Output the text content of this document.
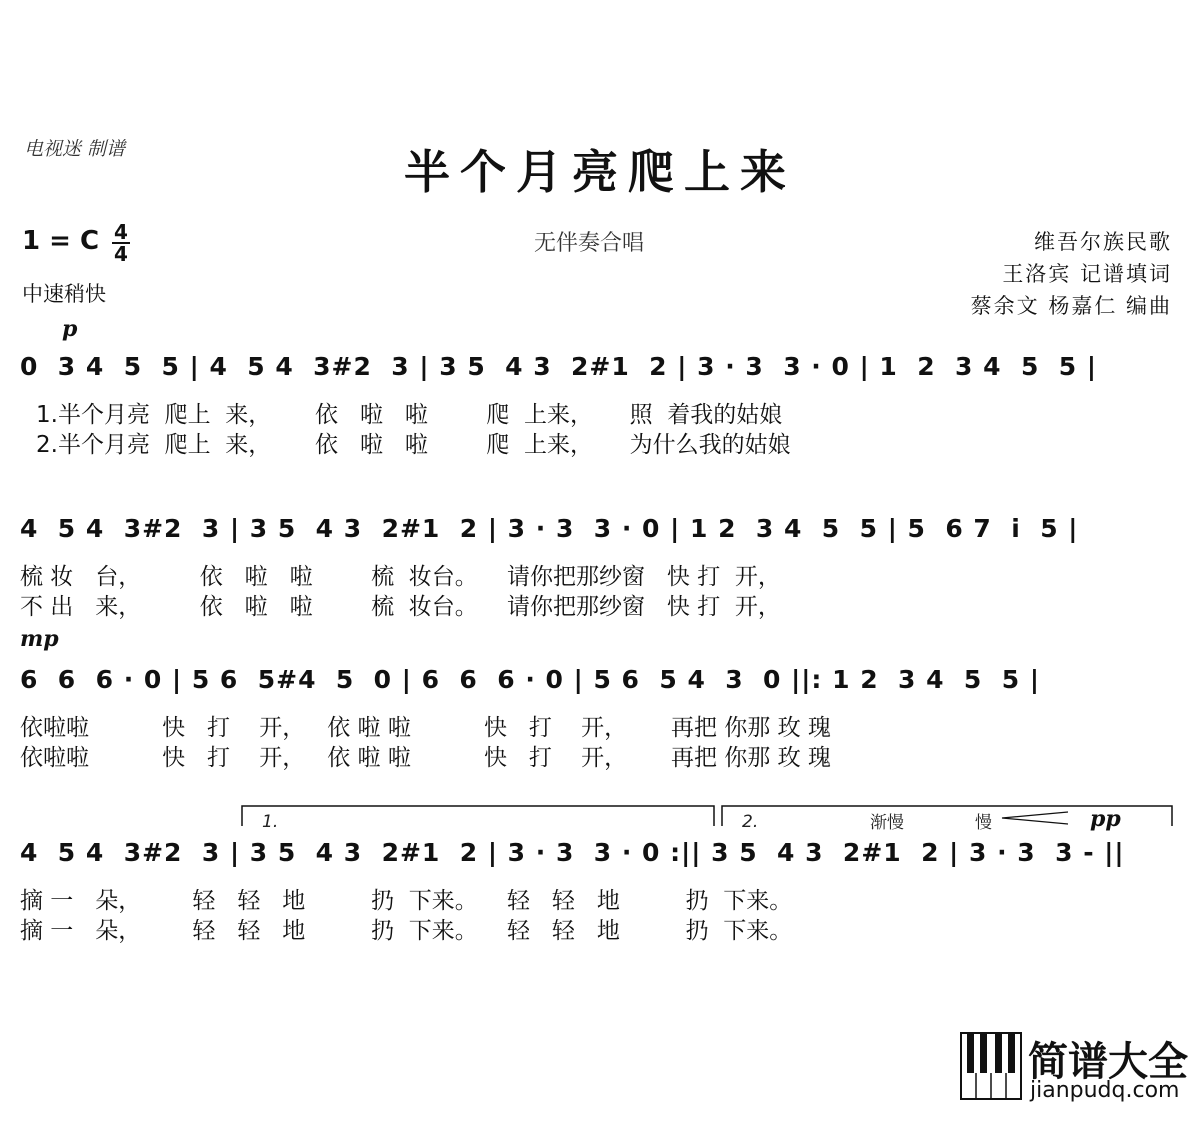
电视迷 制谱	半个月亮爬上来
1 = C 4
4
中速稍快
无伴奏合唱	维吾尔族民歌
王洛宾 记谱填词
蔡余文 杨嘉仁 编曲
p
mp
pp
渐慢	慢
1.	2.
0  3 4  5  5 | 4  5 4  3#2  3 | 3 5  4 3  2#1  2 | 3 · 3  3 · 0 | 1  2  3 4  5  5 |
1.半个月亮  爬上  来，      依   啦   啦        爬  上来，     照  着我的姑娘
2.半个月亮  爬上  来，      依   啦   啦        爬  上来，     为什么我的姑娘
4  5 4  3#2  3 | 3 5  4 3  2#1  2 | 3 · 3  3 · 0 | 1 2  3 4  5  5 | 5  6 7  i  5 |
梳 妆   台，        依   啦   啦        梳  妆台。    请你把那纱窗   快 打  开，
不 出   来，        依   啦   啦        梳  妆台。    请你把那纱窗   快 打  开，
6  6  6 · 0 | 5 6  5#4  5  0 | 6  6  6 · 0 | 5 6  5 4  3  0 ||: 1 2  3 4  5  5 |
依啦啦          快   打    开，   依 啦 啦          快   打    开，      再把 你那 玫 瑰
依啦啦          快   打    开，   依 啦 啦          快   打    开，      再把 你那 玫 瑰
4  5 4  3#2  3 | 3 5  4 3  2#1  2 | 3 · 3  3 · 0 :|| 3 5  4 3  2#1  2 | 3 · 3  3 - ||
摘 一   朵，       轻   轻   地         扔  下来。    轻   轻   地         扔  下来。
摘 一   朵，       轻   轻   地         扔  下来。    轻   轻   地         扔  下来。
简谱大全
jianpudq.com
